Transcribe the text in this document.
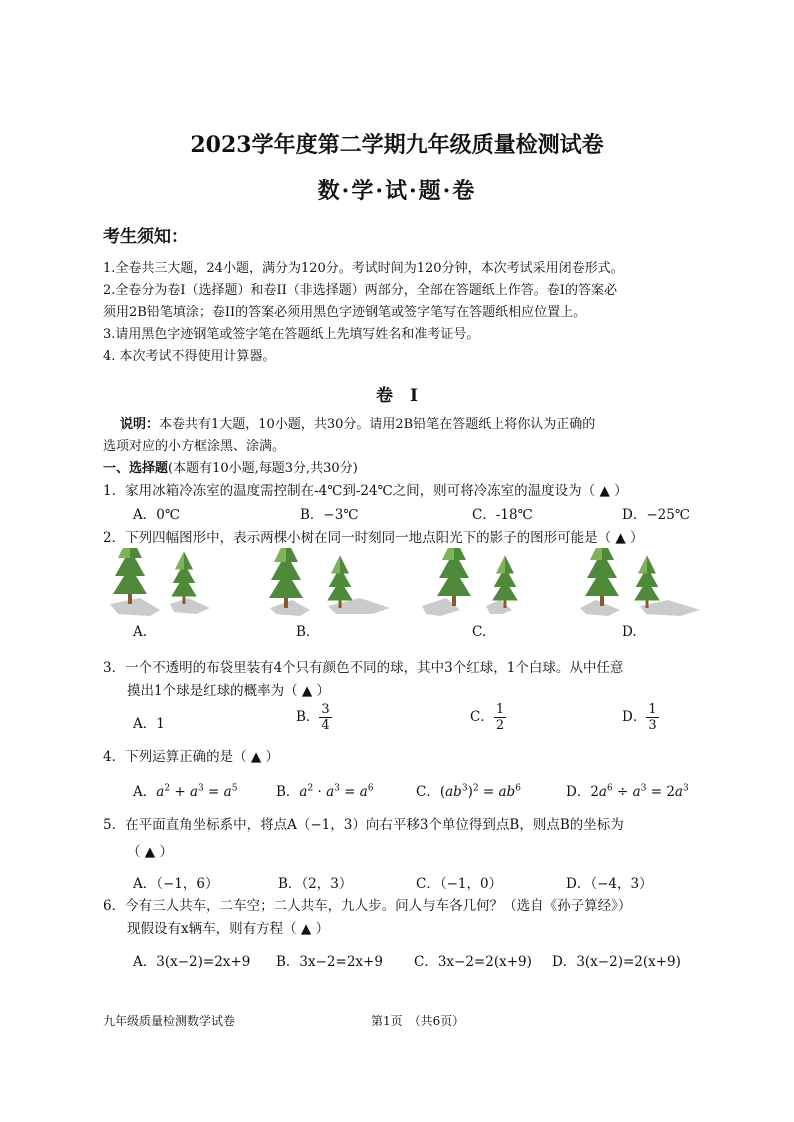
2023学年度第二学期九年级质量检测试卷
数·学·试·题·卷
考生须知：
1.全卷共三大题，24小题，满分为120分。考试时间为120分钟，本次考试采用闭卷形式。
2.全卷分为卷I（选择题）和卷II（非选择题）两部分，全部在答题纸上作答。卷I的答案必
须用2B铅笔填涂；卷II的答案必须用黑色字迹钢笔或签字笔写在答题纸相应位置上。
3.请用黑色字迹钢笔或签字笔在答题纸上先填写姓名和准考证号。
4. 本次考试不得使用计算器。
卷　I
说明：本卷共有1大题，10小题，共30分。请用2B铅笔在答题纸上将你认为正确的
选项对应的小方框涂黑、涂满。
一、选择题(本题有10小题,每题3分,共30分)
1．家用冰箱冷冻室的温度需控制在-4℃到-24℃之间，则可将冷冻室的温度设为（ ▲ ）
A．0℃	B．−3℃	C．-18℃	D．−25℃
2．下列四幅图形中，表示两棵小树在同一时刻同一地点阳光下的影子的图形可能是（ ▲ ）
A.	B.	C.	D.
3．一个不透明的布袋里装有4个只有颜色不同的球，其中3个红球，1个白球。从中任意
摸出1个球是红球的概率为（ ▲ ）
A．1	B． $\frac{3}{4}$	C． $\frac{1}{2}$	D． $\frac{1}{3}$
4．下列运算正确的是（ ▲ ）
A．$a^2 + a^3 = a^5$	B．$a^2 \cdot a^3 = a^6$	C．$(ab^3)^2 = ab^6$	D．$2a^6 \div a^3 = 2a^3$
5．在平面直角坐标系中，将点A（−1，3）向右平移3个单位得到点B，则点B的坐标为
（ ▲ ）
A．（−1，6）	B．（2，3）	C．（−1，0）	D．（−4，3）
6．今有三人共车，二车空；二人共车，九人步。问人与车各几何？（选自《孙子算经》）
现假设有x辆车，则有方程（ ▲ ）
A．3(x−2)=2x+9 B．3x−2=2x+9 C．3x−2=2(x+9) D．3(x−2)=2(x+9)
九年级质量检测数学试卷	第1页　（共6页）
